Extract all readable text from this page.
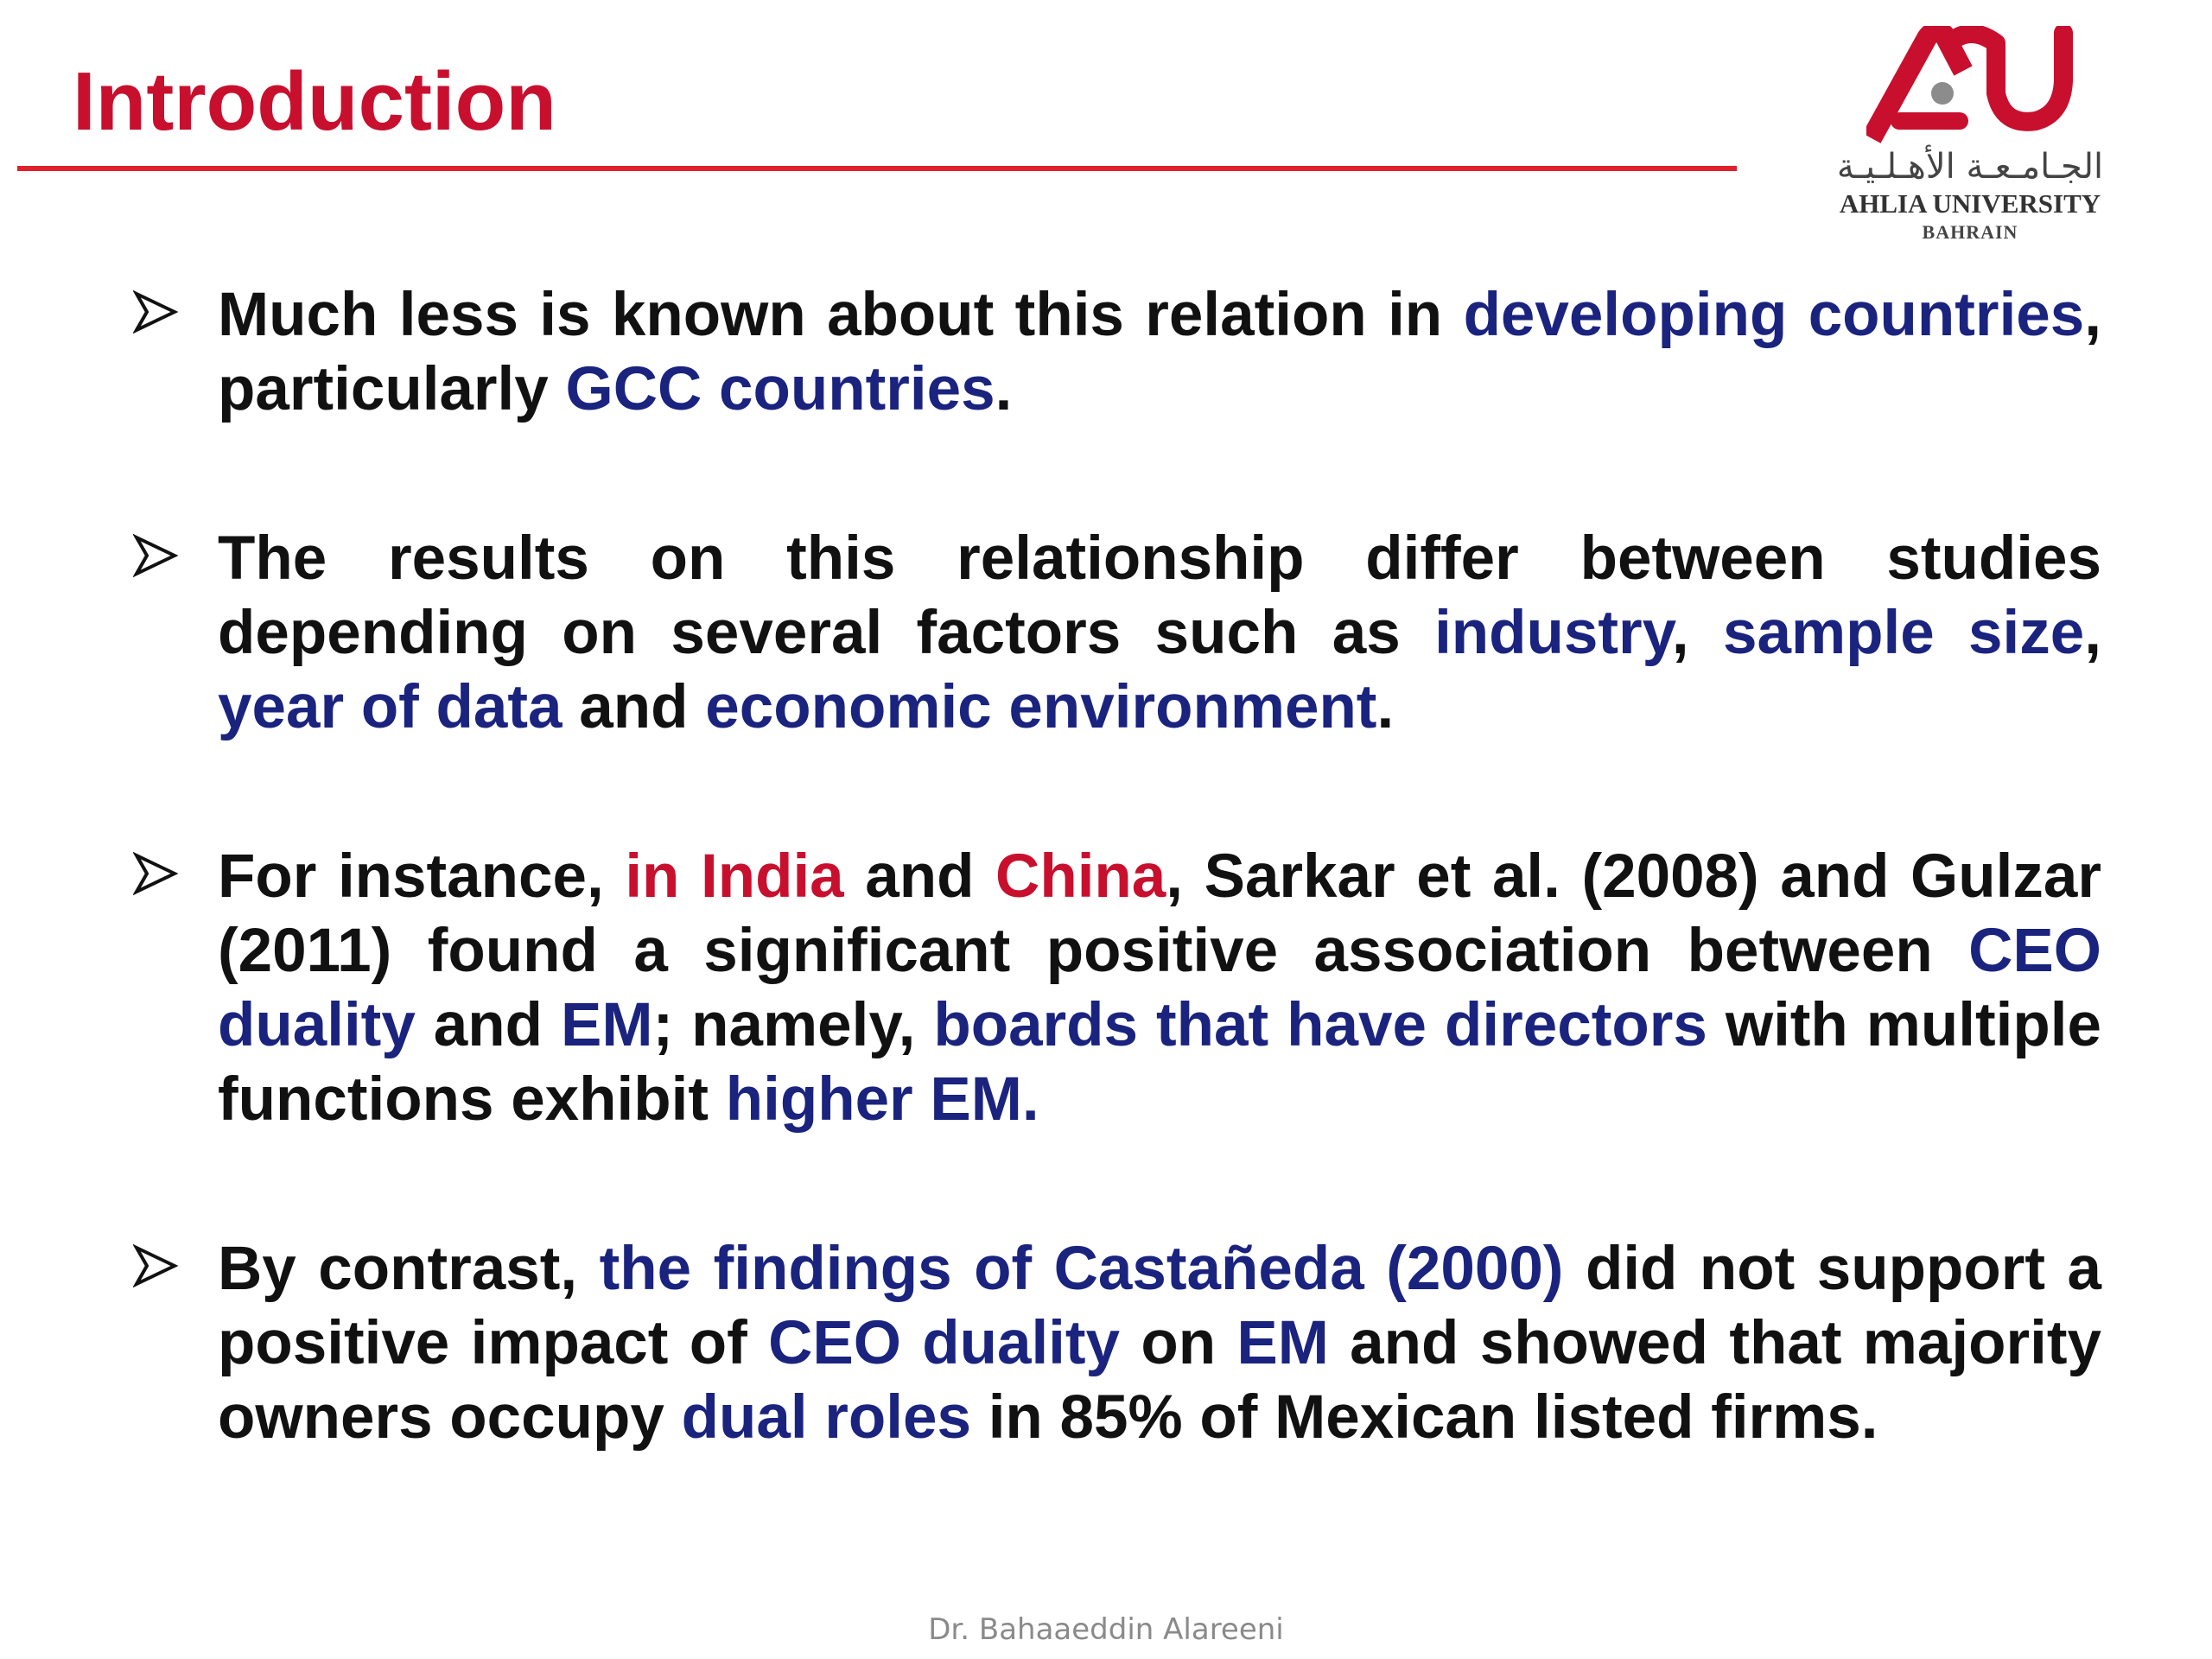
Introduction
الجـامـعـة الأهـلـيـة
AHLIA UNIVERSITY
BAHRAIN
Much less is known about this relation in developing countries, particularly GCC countries.
The results on this relationship differ between studies depending on several factors such as industry, sample size, year of data and economic environment.
For instance, in India and China, Sarkar et al. (2008) and Gulzar (2011) found a significant positive association between CEO duality and EM; namely, boards that have directors with multiple functions exhibit higher EM.
By contrast, the findings of Castañeda (2000) did not support a positive impact of CEO duality on EM and showed that majority owners occupy dual roles in 85% of Mexican listed firms.
Dr. Bahaaeddin Alareeni
